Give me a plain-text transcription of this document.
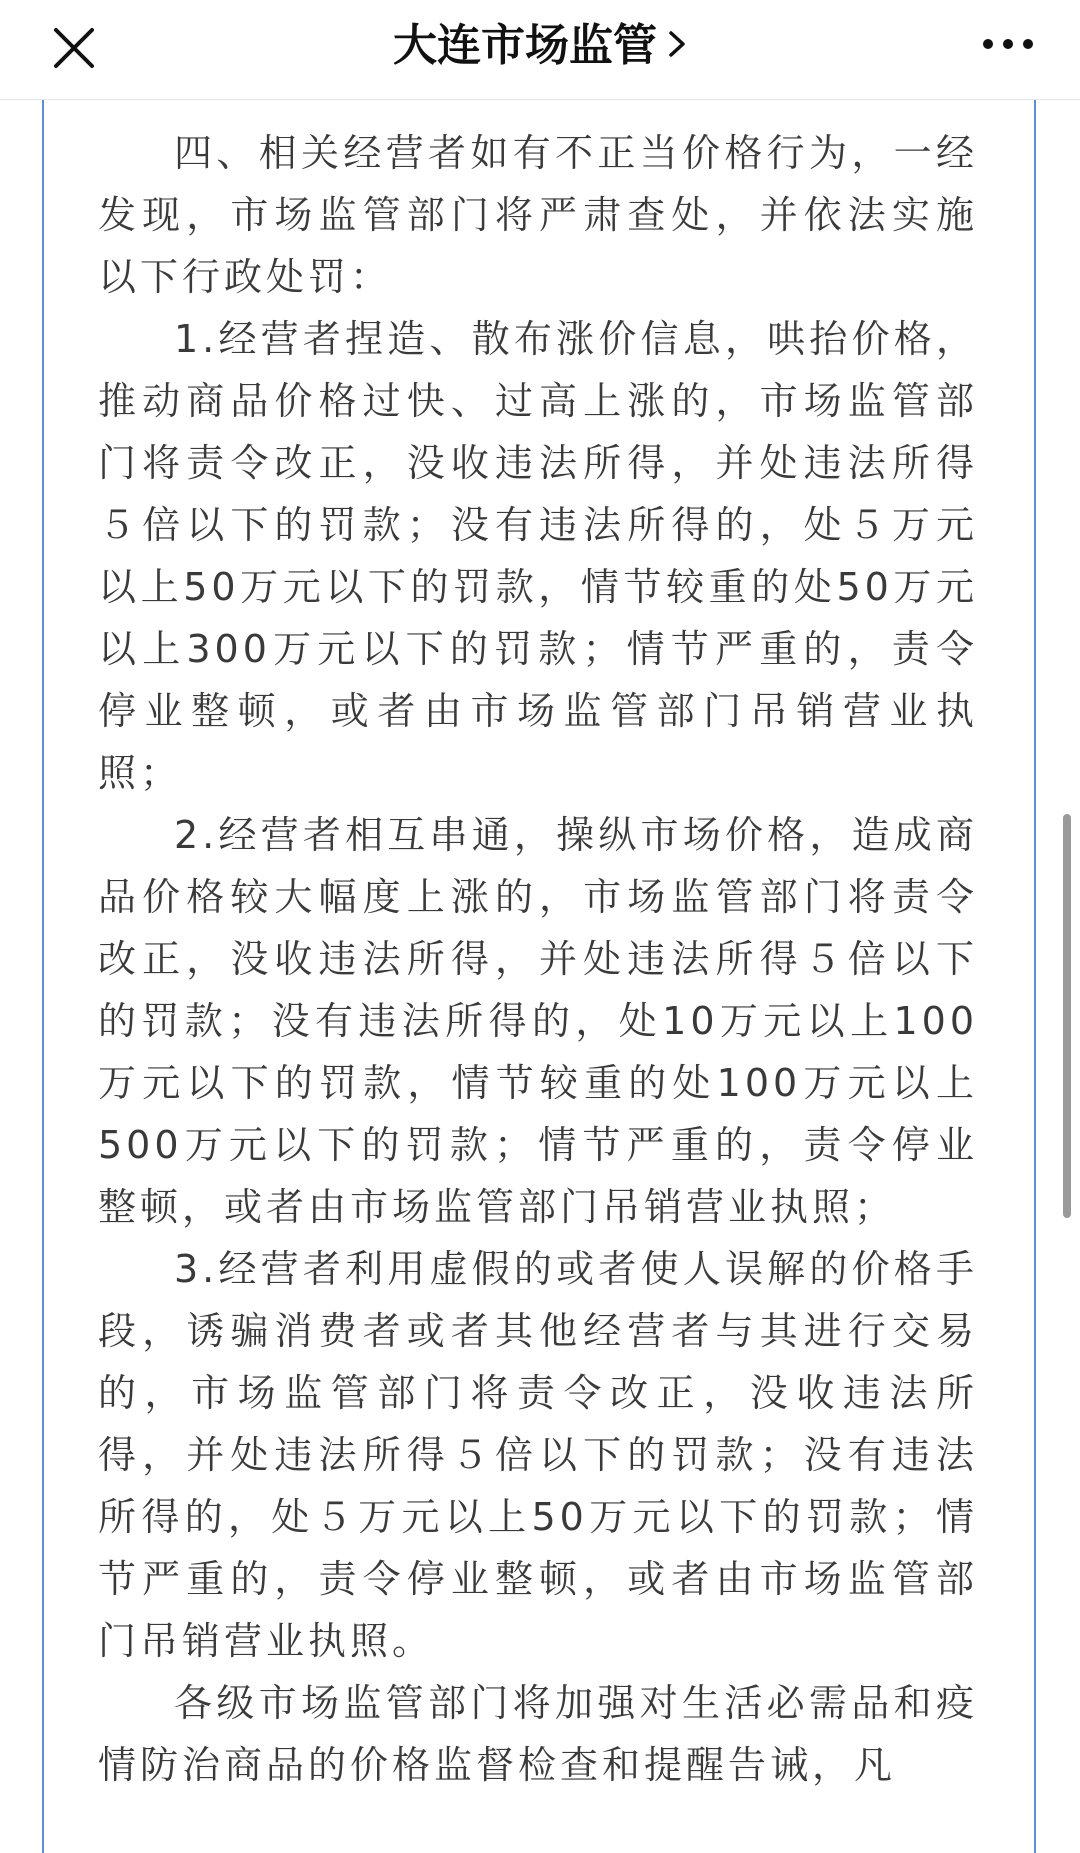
大连市场监管

四、相关经营者如有不正当价格行为，一经发现，市场监管部门将严肃查处，并依法实施以下行政处罚：

1.经营者捏造、散布涨价信息，哄抬价格，推动商品价格过快、过高上涨的，市场监管部门将责令改正，没收违法所得，并处违法所得５倍以下的罚款；没有违法所得的，处５万元以上50万元以下的罚款，情节较重的处50万元以上300万元以下的罚款；情节严重的，责令停业整顿，或者由市场监管部门吊销营业执照；

2.经营者相互串通，操纵市场价格，造成商品价格较大幅度上涨的，市场监管部门将责令改正，没收违法所得，并处违法所得５倍以下的罚款；没有违法所得的，处10万元以上100万元以下的罚款，情节较重的处100万元以上500万元以下的罚款；情节严重的，责令停业整顿，或者由市场监管部门吊销营业执照；

3.经营者利用虚假的或者使人误解的价格手段，诱骗消费者或者其他经营者与其进行交易的，市场监管部门将责令改正，没收违法所得，并处违法所得５倍以下的罚款；没有违法所得的，处５万元以上50万元以下的罚款；情节严重的，责令停业整顿，或者由市场监管部门吊销营业执照。

各级市场监管部门将加强对生活必需品和疫情防治商品的价格监督检查和提醒告诫，凡
